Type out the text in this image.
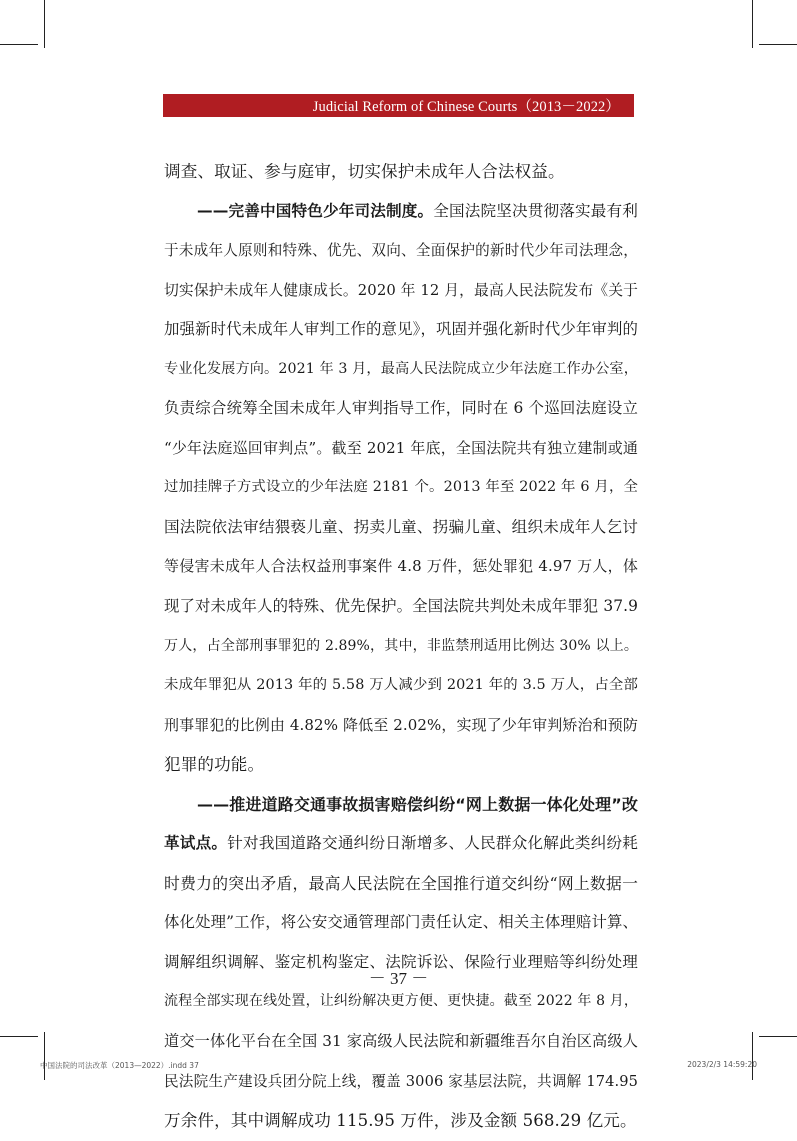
Judicial Reform of Chinese Courts（2013－2022）
调查、取证、参与庭审，切实保护未成年人合法权益。
——完善中国特色少年司法制度。全国法院坚决贯彻落实最有利
于未成年人原则和特殊、优先、双向、全面保护的新时代少年司法理念，
切实保护未成年人健康成长。2020 年 12 月，最高人民法院发布《关于
加强新时代未成年人审判工作的意见》，巩固并强化新时代少年审判的
专业化发展方向。2021 年 3 月，最高人民法院成立少年法庭工作办公室，
负责综合统筹全国未成年人审判指导工作，同时在 6 个巡回法庭设立
“少年法庭巡回审判点”。截至 2021 年底，全国法院共有独立建制或通
过加挂牌子方式设立的少年法庭 2181 个。2013 年至 2022 年 6 月，全
国法院依法审结猥亵儿童、拐卖儿童、拐骗儿童、组织未成年人乞讨
等侵害未成年人合法权益刑事案件 4.8 万件，惩处罪犯 4.97 万人，体
现了对未成年人的特殊、优先保护。全国法院共判处未成年罪犯 37.9
万人，占全部刑事罪犯的 2.89%，其中，非监禁刑适用比例达 30% 以上。
未成年罪犯从 2013 年的 5.58 万人减少到 2021 年的 3.5 万人，占全部
刑事罪犯的比例由 4.82% 降低至 2.02%，实现了少年审判矫治和预防
犯罪的功能。
——推进道路交通事故损害赔偿纠纷“网上数据一体化处理”改
革试点。针对我国道路交通纠纷日渐增多、人民群众化解此类纠纷耗
时费力的突出矛盾，最高人民法院在全国推行道交纠纷“网上数据一
体化处理”工作，将公安交通管理部门责任认定、相关主体理赔计算、
调解组织调解、鉴定机构鉴定、法院诉讼、保险行业理赔等纠纷处理
流程全部实现在线处置，让纠纷解决更方便、更快捷。截至 2022 年 8 月，
道交一体化平台在全国 31 家高级人民法院和新疆维吾尔自治区高级人
民法院生产建设兵团分院上线，覆盖 3006 家基层法院，共调解 174.95
万余件，其中调解成功 115.95 万件，涉及金额 568.29 亿元。
－ 37 －
中国法院的司法改革（2013—2022）.indd 37	2023/2/3 14:59:20
